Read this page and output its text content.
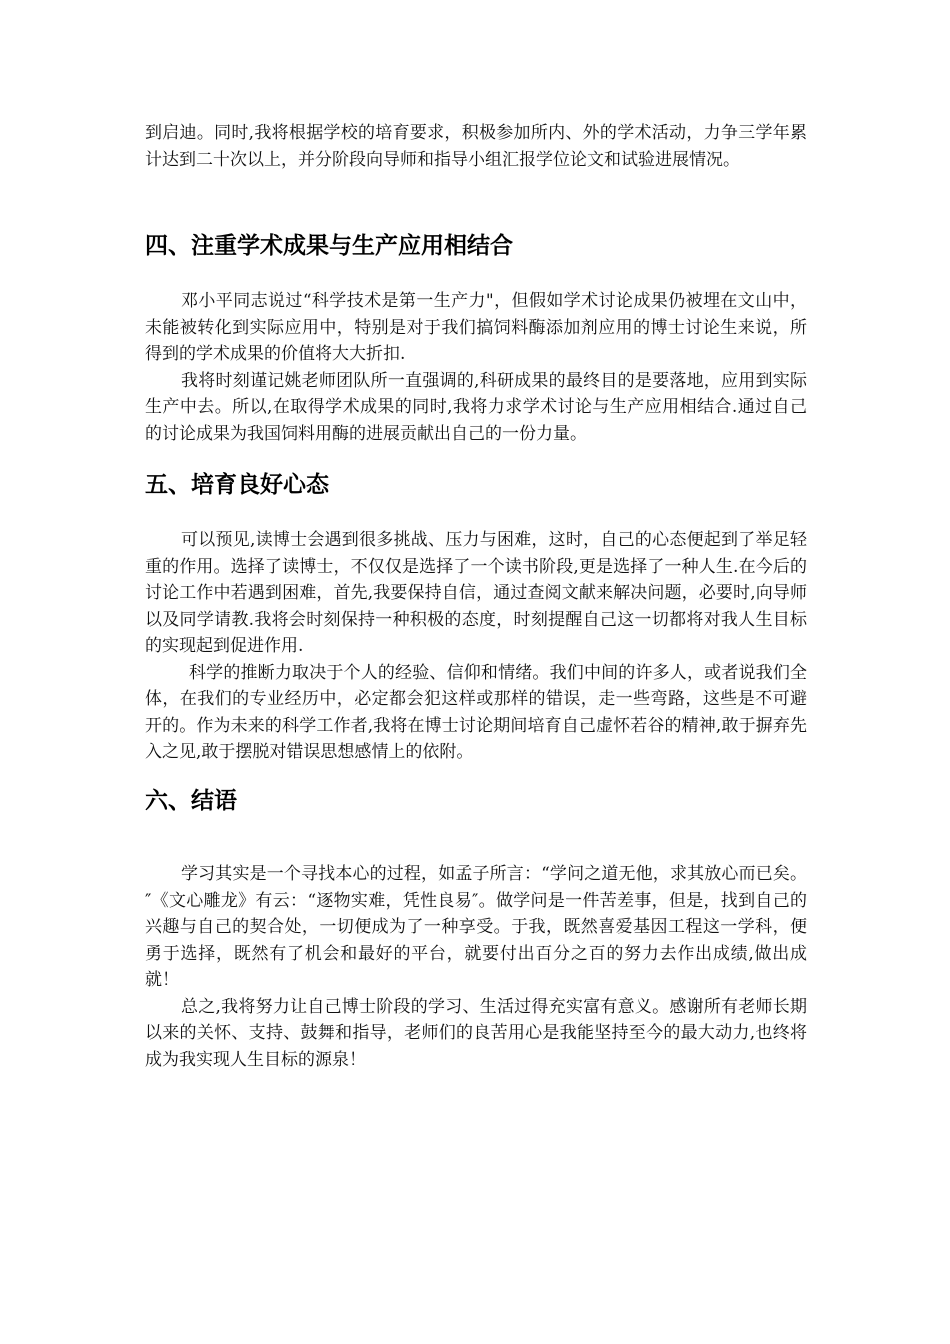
到启迪。同时,我将根据学校的培育要求，积极参加所内、外的学术活动，力争三学年累计达到二十次以上，并分阶段向导师和指导小组汇报学位论文和试验进展情况。

四、注重学术成果与生产应用相结合

邓小平同志说过“科学技术是第一生产力"，但假如学术讨论成果仍被埋在文山中，未能被转化到实际应用中，特别是对于我们搞饲料酶添加剂应用的博士讨论生来说，所得到的学术成果的价值将大大折扣.

我将时刻谨记姚老师团队所一直强调的,科研成果的最终目的是要落地，应用到实际生产中去。所以,在取得学术成果的同时,我将力求学术讨论与生产应用相结合.通过自己的讨论成果为我国饲料用酶的进展贡献出自己的一份力量。

五、培育良好心态

可以预见,读博士会遇到很多挑战、压力与困难，这时，自己的心态便起到了举足轻重的作用。选择了读博士，不仅仅是选择了一个读书阶段,更是选择了一种人生.在今后的讨论工作中若遇到困难，首先,我要保持自信，通过查阅文献来解决问题，必要时,向导师以及同学请教.我将会时刻保持一种积极的态度，时刻提醒自己这一切都将对我人生目标的实现起到促进作用.

科学的推断力取决于个人的经验、信仰和情绪。我们中间的许多人，或者说我们全体，在我们的专业经历中，必定都会犯这样或那样的错误，走一些弯路，这些是不可避开的。作为未来的科学工作者,我将在博士讨论期间培育自己虚怀若谷的精神,敢于摒弃先入之见,敢于摆脱对错误思想感情上的依附。

六、结语

学习其实是一个寻找本心的过程，如孟子所言：“学问之道无他，求其放心而已矣。″《文心雕龙》有云：“逐物实难，凭性良易″。做学问是一件苦差事，但是，找到自己的兴趣与自己的契合处，一切便成为了一种享受。于我，既然喜爱基因工程这一学科，便勇于选择，既然有了机会和最好的平台，就要付出百分之百的努力去作出成绩,做出成就！

总之,我将努力让自己博士阶段的学习、生活过得充实富有意义。感谢所有老师长期以来的关怀、支持、鼓舞和指导，老师们的良苦用心是我能坚持至今的最大动力,也终将成为我实现人生目标的源泉！
